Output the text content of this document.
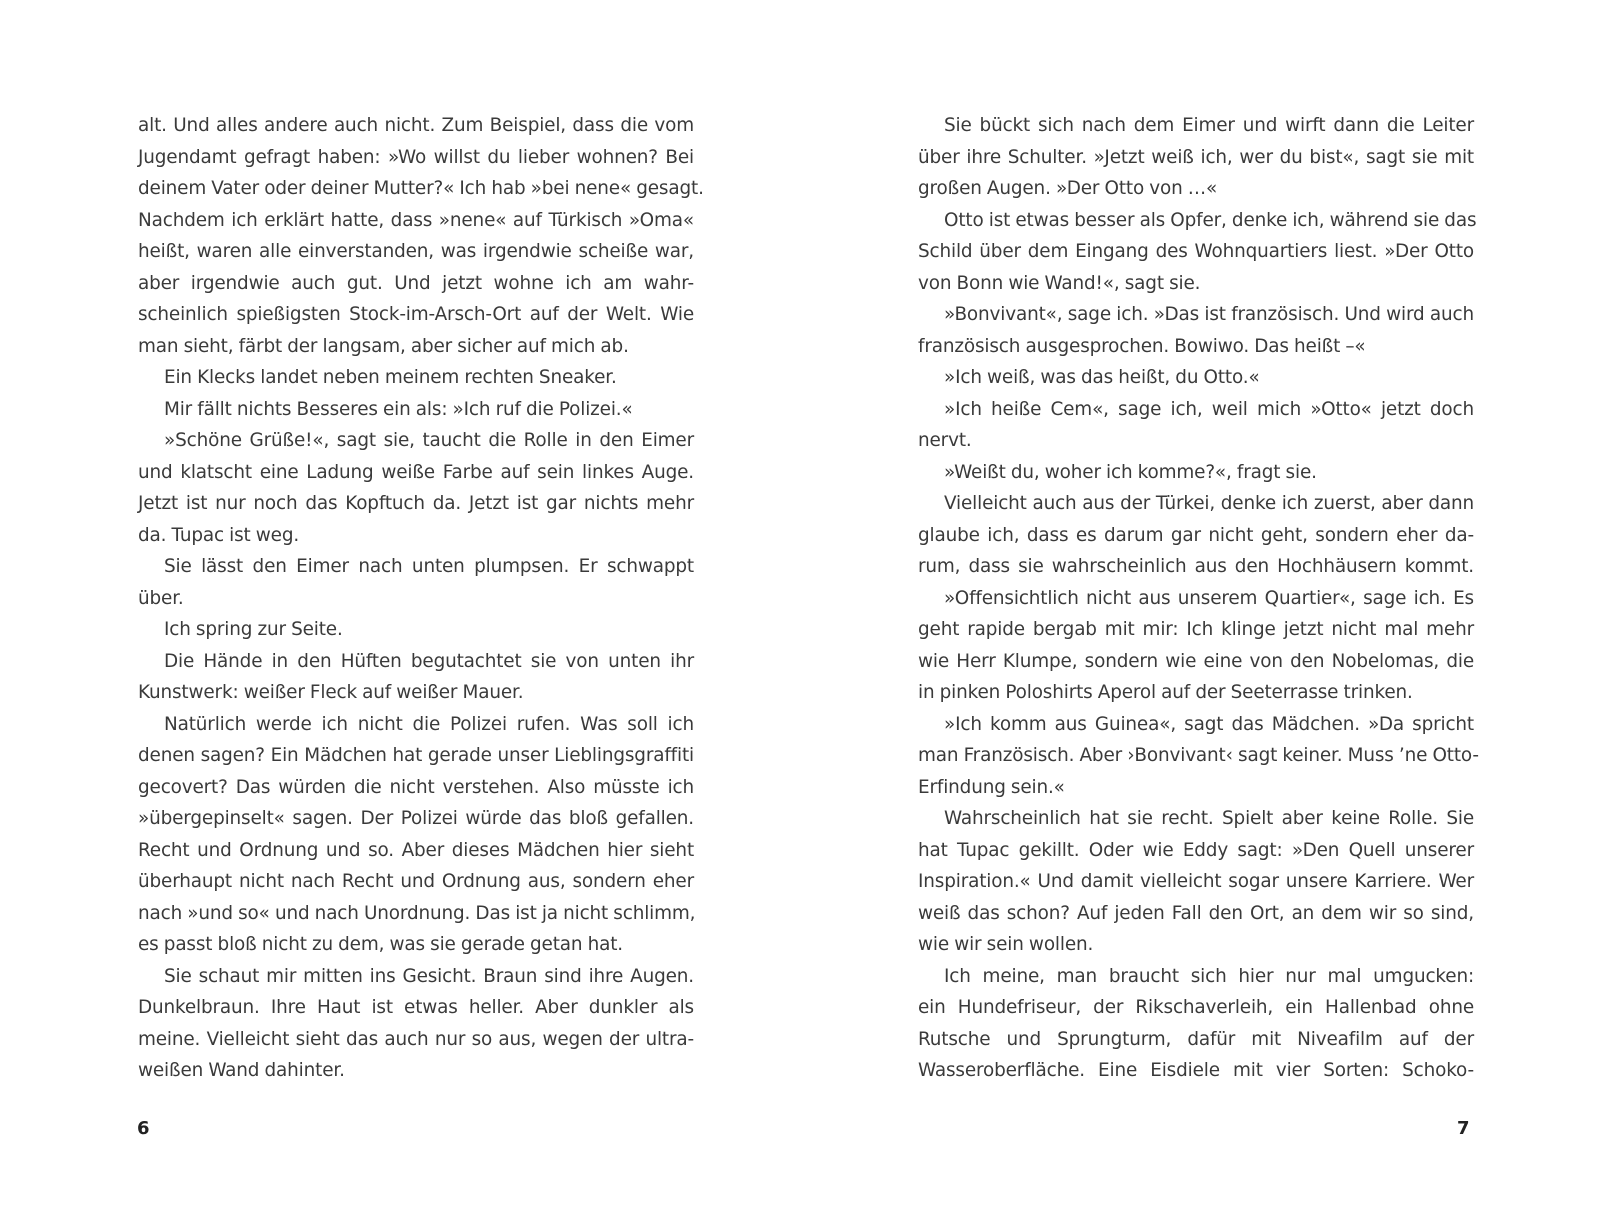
alt. Und alles andere auch nicht. Zum Beispiel, dass die vom
Jugendamt gefragt haben: »Wo willst du lieber wohnen? Bei
deinem Vater oder deiner Mutter?« Ich hab »bei nene« gesagt.
Nachdem ich erklärt hatte, dass »nene« auf Türkisch »Oma«
heißt, waren alle einverstanden, was irgendwie scheiße war,
aber irgendwie auch gut. Und jetzt wohne ich am wahr-
scheinlich spießigsten Stock-im-Arsch-Ort auf der Welt. Wie
man sieht, färbt der langsam, aber sicher auf mich ab.
Ein Klecks landet neben meinem rechten Sneaker.
Mir fällt nichts Besseres ein als: »Ich ruf die Polizei.«
»Schöne Grüße!«, sagt sie, taucht die Rolle in den Eimer
und klatscht eine Ladung weiße Farbe auf sein linkes Auge.
Jetzt ist nur noch das Kopftuch da. Jetzt ist gar nichts mehr
da. Tupac ist weg.
Sie lässt den Eimer nach unten plumpsen. Er schwappt
über.
Ich spring zur Seite.
Die Hände in den Hüften begutachtet sie von unten ihr
Kunstwerk: weißer Fleck auf weißer Mauer.
Natürlich werde ich nicht die Polizei rufen. Was soll ich
denen sagen? Ein Mädchen hat gerade unser Lieblingsgraffiti
gecovert? Das würden die nicht verstehen. Also müsste ich
»übergepinselt« sagen. Der Polizei würde das bloß gefallen.
Recht und Ordnung und so. Aber dieses Mädchen hier sieht
überhaupt nicht nach Recht und Ordnung aus, sondern eher
nach »und so« und nach Unordnung. Das ist ja nicht schlimm,
es passt bloß nicht zu dem, was sie gerade getan hat.
Sie schaut mir mitten ins Gesicht. Braun sind ihre Augen.
Dunkelbraun. Ihre Haut ist etwas heller. Aber dunkler als
meine. Vielleicht sieht das auch nur so aus, wegen der ultra-
weißen Wand dahinter.
Sie bückt sich nach dem Eimer und wirft dann die Leiter
über ihre Schulter. »Jetzt weiß ich, wer du bist«, sagt sie mit
großen Augen. »Der Otto von …«
Otto ist etwas besser als Opfer, denke ich, während sie das
Schild über dem Eingang des Wohnquartiers liest. »Der Otto
von Bonn wie Wand!«, sagt sie.
»Bonvivant«, sage ich. »Das ist französisch. Und wird auch
französisch ausgesprochen. Bowiwo. Das heißt –«
»Ich weiß, was das heißt, du Otto.«
»Ich heiße Cem«, sage ich, weil mich »Otto« jetzt doch
nervt.
»Weißt du, woher ich komme?«, fragt sie.
Vielleicht auch aus der Türkei, denke ich zuerst, aber dann
glaube ich, dass es darum gar nicht geht, sondern eher da-
rum, dass sie wahrscheinlich aus den Hochhäusern kommt.
»Offensichtlich nicht aus unserem Quartier«, sage ich. Es
geht rapide bergab mit mir: Ich klinge jetzt nicht mal mehr
wie Herr Klumpe, sondern wie eine von den Nobelomas, die
in pinken Poloshirts Aperol auf der Seeterrasse trinken.
»Ich komm aus Guinea«, sagt das Mädchen. »Da spricht
man Französisch. Aber ›Bonvivant‹ sagt keiner. Muss ’ne Otto-
Erfindung sein.«
Wahrscheinlich hat sie recht. Spielt aber keine Rolle. Sie
hat Tupac gekillt. Oder wie Eddy sagt: »Den Quell unserer
Inspiration.« Und damit vielleicht sogar unsere Karriere. Wer
weiß das schon? Auf jeden Fall den Ort, an dem wir so sind,
wie wir sein wollen.
Ich meine, man braucht sich hier nur mal umgucken:
ein Hundefriseur, der Rikschaverleih, ein Hallenbad ohne
Rutsche und Sprungturm, dafür mit Niveafilm auf der
Wasseroberfläche. Eine Eisdiele mit vier Sorten: Schoko-
6	7
